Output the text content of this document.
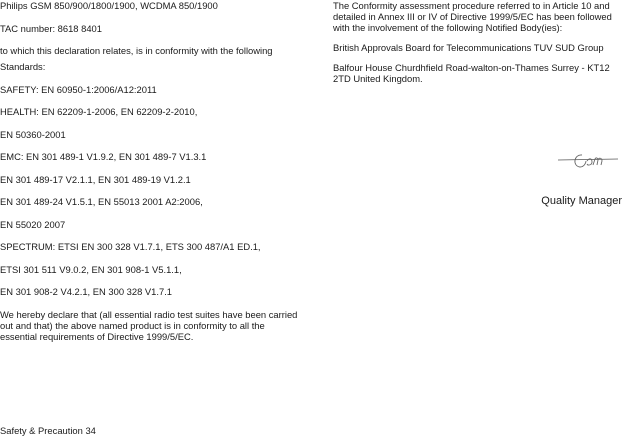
Philips GSM 850/900/1800/1900, WCDMA 850/1900

TAC number: 8618 8401

to which this declaration relates, is in conformity with the following

Standards:

SAFETY: EN 60950-1:2006/A12:2011

HEALTH: EN 62209-1-2006, EN 62209-2-2010,

EN 50360-2001

EMC: EN 301 489-1 V1.9.2, EN 301 489-7 V1.3.1

EN 301 489-17 V2.1.1, EN 301 489-19 V1.2.1

EN 301 489-24 V1.5.1, EN 55013 2001 A2:2006,

EN 55020 2007

SPECTRUM: ETSI EN 300 328 V1.7.1, ETS 300 487/A1 ED.1,

ETSI 301 511 V9.0.2, EN 301 908-1 V5.1.1,

EN 301 908-2 V4.2.1, EN 300 328 V1.7.1

We hereby declare that (all essential radio test suites have been carried out and that) the above named product is in conformity to all the essential requirements of Directive 1999/5/EC.

The Conformity assessment procedure referred to in Article 10 and detailed in Annex III or IV of Directive 1999/5/EC has been followed with the involvement of the following Notified Body(ies):

British Approvals Board for Telecommunications TUV SUD Group

Balfour House Churdhfield Road-walton-on-Thames Surrey - KT12 2TD United Kingdom.

Quality Manager
Safety & Precaution 34
